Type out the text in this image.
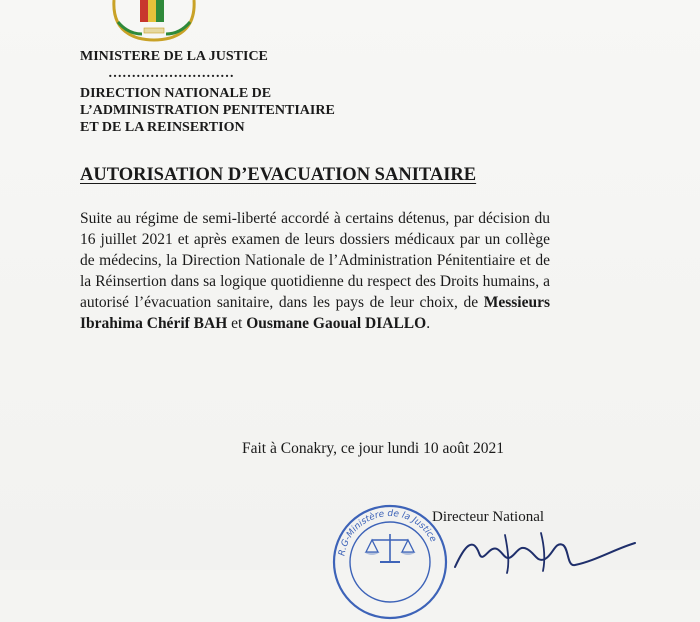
MINISTERE DE LA JUSTICE
………………………
DIRECTION NATIONALE DE
L’ADMINISTRATION PENITENTIAIRE
ET DE LA REINSERTION
AUTORISATION D’EVACUATION SANITAIRE
Suite au régime de semi-liberté accordé à certains détenus, par décision du 16 juillet 2021 et après examen de leurs dossiers médicaux par un collège de médecins, la Direction Nationale de l’Administration Pénitentiaire et de la Réinsertion dans sa logique quotidienne du respect des Droits humains, a autorisé l’évacuation sanitaire, dans les pays de leur choix, de Messieurs Ibrahima Chérif BAH et Ousmane Gaoual DIALLO.
Fait à Conakry, ce jour lundi 10 août 2021
R.G-Ministère de la Justice
Directeur National
